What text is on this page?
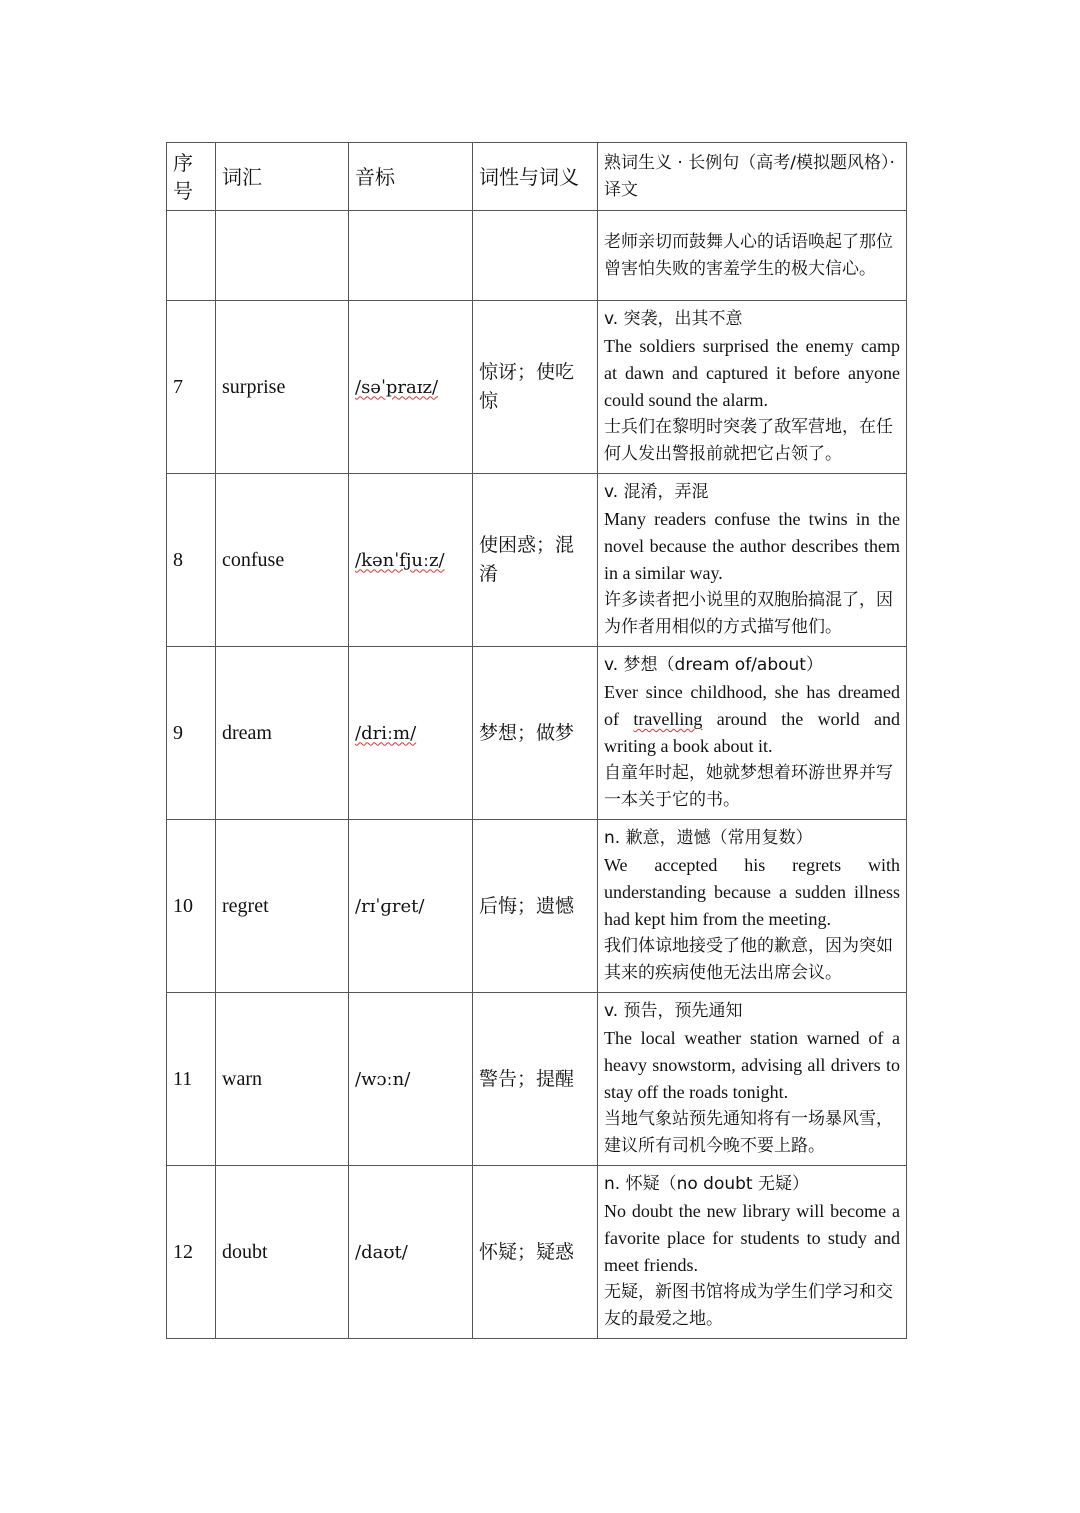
序号	词汇	音标	词性与词义	熟词生义 · 长例句（高考/模拟题风格）· 译文

				老师亲切而鼓舞人心的话语唤起了那位曾害怕失败的害羞学生的极大信心。

7	surprise	/səˈpraɪz/	惊讶；使吃惊	v. 突袭，出其不意
The soldiers surprised the enemy camp at dawn and captured it before anyone could sound the alarm.
士兵们在黎明时突袭了敌军营地，在任何人发出警报前就把它占领了。

8	confuse	/kənˈfjuːz/	使困惑；混淆	v. 混淆，弄混
Many readers confuse the twins in the novel because the author describes them in a similar way.
许多读者把小说里的双胞胎搞混了，因为作者用相似的方式描写他们。

9	dream	/driːm/	梦想；做梦	v. 梦想（dream of/about）
Ever since childhood, she has dreamed of travelling around the world and writing a book about it.
自童年时起，她就梦想着环游世界并写一本关于它的书。

10	regret	/rɪˈɡret/	后悔；遗憾	n. 歉意，遗憾（常用复数）
We accepted his regrets with understanding because a sudden illness had kept him from the meeting.
我们体谅地接受了他的歉意，因为突如其来的疾病使他无法出席会议。

11	warn	/wɔːn/	警告；提醒	v. 预告，预先通知
The local weather station warned of a heavy snowstorm, advising all drivers to stay off the roads tonight.
当地气象站预先通知将有一场暴风雪，建议所有司机今晚不要上路。

12	doubt	/daʊt/	怀疑；疑惑	n. 怀疑（no doubt 无疑）
No doubt the new library will become a favorite place for students to study and meet friends.
无疑，新图书馆将成为学生们学习和交友的最爱之地。
